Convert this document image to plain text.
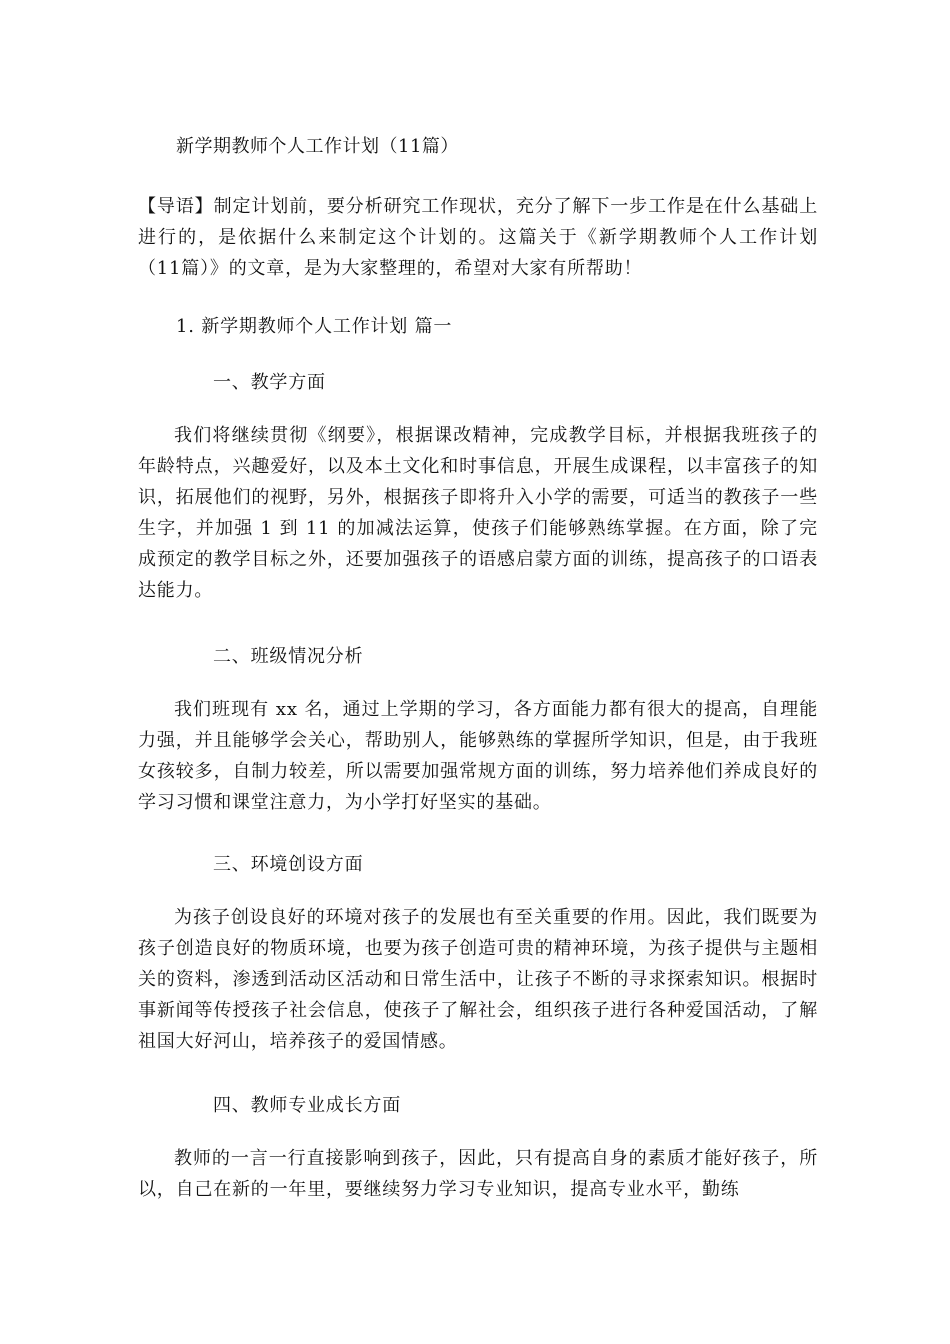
新学期教师个人工作计划（11篇）
【导语】制定计划前，要分析研究工作现状，充分了解下一步工作是在什么基础上进行的，是依据什么来制定这个计划的。这篇关于《新学期教师个人工作计划（11篇）》的文章，是为大家整理的，希望对大家有所帮助！
1. 新学期教师个人工作计划 篇一
一、教学方面
我们将继续贯彻《纲要》，根据课改精神，完成教学目标，并根据我班孩子的年龄特点，兴趣爱好，以及本土文化和时事信息，开展生成课程，以丰富孩子的知识，拓展他们的视野，另外，根据孩子即将升入小学的需要，可适当的教孩子一些生字，并加强 1 到 11 的加减法运算，使孩子们能够熟练掌握。在方面，除了完成预定的教学目标之外，还要加强孩子的语感启蒙方面的训练，提高孩子的口语表达能力。
二、班级情况分析
我们班现有 xx 名，通过上学期的学习，各方面能力都有很大的提高，自理能力强，并且能够学会关心，帮助别人，能够熟练的掌握所学知识，但是，由于我班女孩较多，自制力较差，所以需要加强常规方面的训练，努力培养他们养成良好的学习习惯和课堂注意力，为小学打好坚实的基础。
三、环境创设方面
为孩子创设良好的环境对孩子的发展也有至关重要的作用。因此，我们既要为孩子创造良好的物质环境，也要为孩子创造可贵的精神环境，为孩子提供与主题相关的资料，渗透到活动区活动和日常生活中，让孩子不断的寻求探索知识。根据时事新闻等传授孩子社会信息，使孩子了解社会，组织孩子进行各种爱国活动，了解祖国大好河山，培养孩子的爱国情感。
四、教师专业成长方面
教师的一言一行直接影响到孩子，因此，只有提高自身的素质才能好孩子，所以，自己在新的一年里，要继续努力学习专业知识，提高专业水平，勤练
